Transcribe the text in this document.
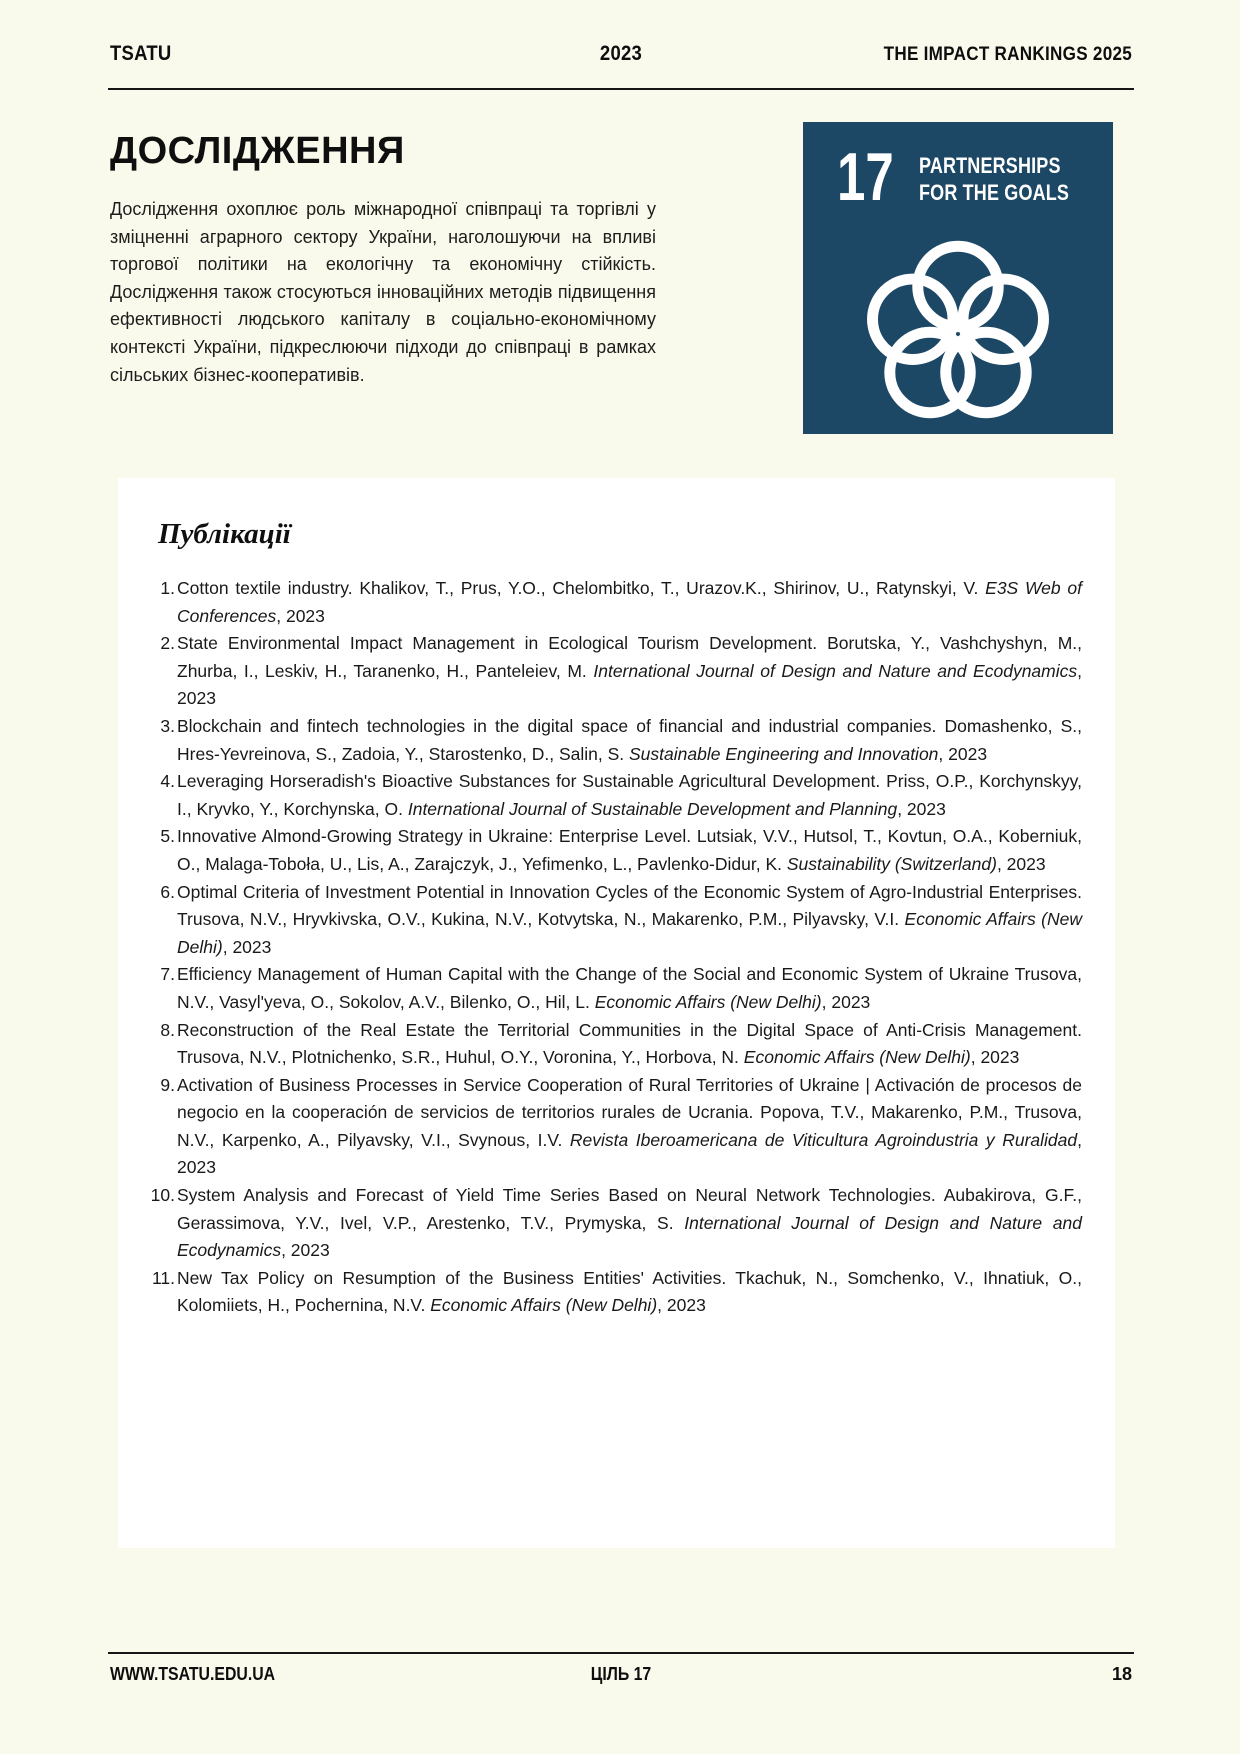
TSATU	2023	THE IMPACT RANKINGS 2025
ДОСЛІДЖЕННЯ

Дослідження охоплює роль міжнародної співпраці та торгівлі у зміцненні аграрного сектору України, наголошуючи на впливі торгової політики на екологічну та економічну стійкість. Дослідження також стосуються інноваційних методів підвищення ефективності людського капіталу в соціально-економічному контексті України, підкреслюючи підходи до співпраці в рамках сільських бізнес-кооперативів.

17 PARTNERSHIPS
FOR THE GOALS
Публікації
1. Cotton textile industry. Khalikov, T., Prus, Y.O., Chelombitko, T., Urazov.K., Shirinov, U., Ratynskyi, V. E3S Web of Conferences, 2023
2. State Environmental Impact Management in Ecological Tourism Development. Borutska, Y., Vashchyshyn, M., Zhurba, I., Leskiv, H., Taranenko, H., Panteleiev, M. International Journal of Design and Nature and Ecodynamics, 2023
3. Blockchain and fintech technologies in the digital space of financial and industrial companies. Domashenko, S., Hres-Yevreinova, S., Zadoia, Y., Starostenko, D., Salin, S. Sustainable Engineering and Innovation, 2023
4. Leveraging Horseradish's Bioactive Substances for Sustainable Agricultural Development. Priss, O.P., Korchynskyy, I., Kryvko, Y., Korchynska, O. International Journal of Sustainable Development and Planning, 2023
5. Innovative Almond-Growing Strategy in Ukraine: Enterprise Level. Lutsiak, V.V., Hutsol, T., Kovtun, O.A., Koberniuk, O., Malaga-Toboła, U., Lis, A., Zarajczyk, J., Yefimenko, L., Pavlenko-Didur, K. Sustainability (Switzerland), 2023
6. Optimal Criteria of Investment Potential in Innovation Cycles of the Economic System of Agro-Industrial Enterprises. Trusova, N.V., Hryvkivska, O.V., Kukina, N.V., Kotvytska, N., Makarenko, P.M., Pilyavsky, V.I. Economic Affairs (New Delhi), 2023
7. Efficiency Management of Human Capital with the Change of the Social and Economic System of Ukraine Trusova, N.V., Vasyl'yeva, O., Sokolov, A.V., Bilenko, O., Hil, L. Economic Affairs (New Delhi), 2023
8. Reconstruction of the Real Estate the Territorial Communities in the Digital Space of Anti-Crisis Management. Trusova, N.V., Plotnichenko, S.R., Huhul, O.Y., Voronina, Y., Horbova, N. Economic Affairs (New Delhi), 2023
9. Activation of Business Processes in Service Cooperation of Rural Territories of Ukraine | Activación de procesos de negocio en la cooperación de servicios de territorios rurales de Ucrania. Popova, T.V., Makarenko, P.M., Trusova, N.V., Karpenko, A., Pilyavsky, V.I., Svynous, I.V. Revista Iberoamericana de Viticultura Agroindustria y Ruralidad, 2023
10. System Analysis and Forecast of Yield Time Series Based on Neural Network Technologies. Aubakirova, G.F., Gerassimova, Y.V., Ivel, V.P., Arestenko, T.V., Prymyska, S. International Journal of Design and Nature and Ecodynamics, 2023
11. New Tax Policy on Resumption of the Business Entities' Activities. Tkachuk, N., Somchenko, V., Ihnatiuk, O., Kolomiiets, H., Pochernina, N.V. Economic Affairs (New Delhi), 2023
WWW.TSATU.EDU.UA	ЦІЛЬ 17	18
